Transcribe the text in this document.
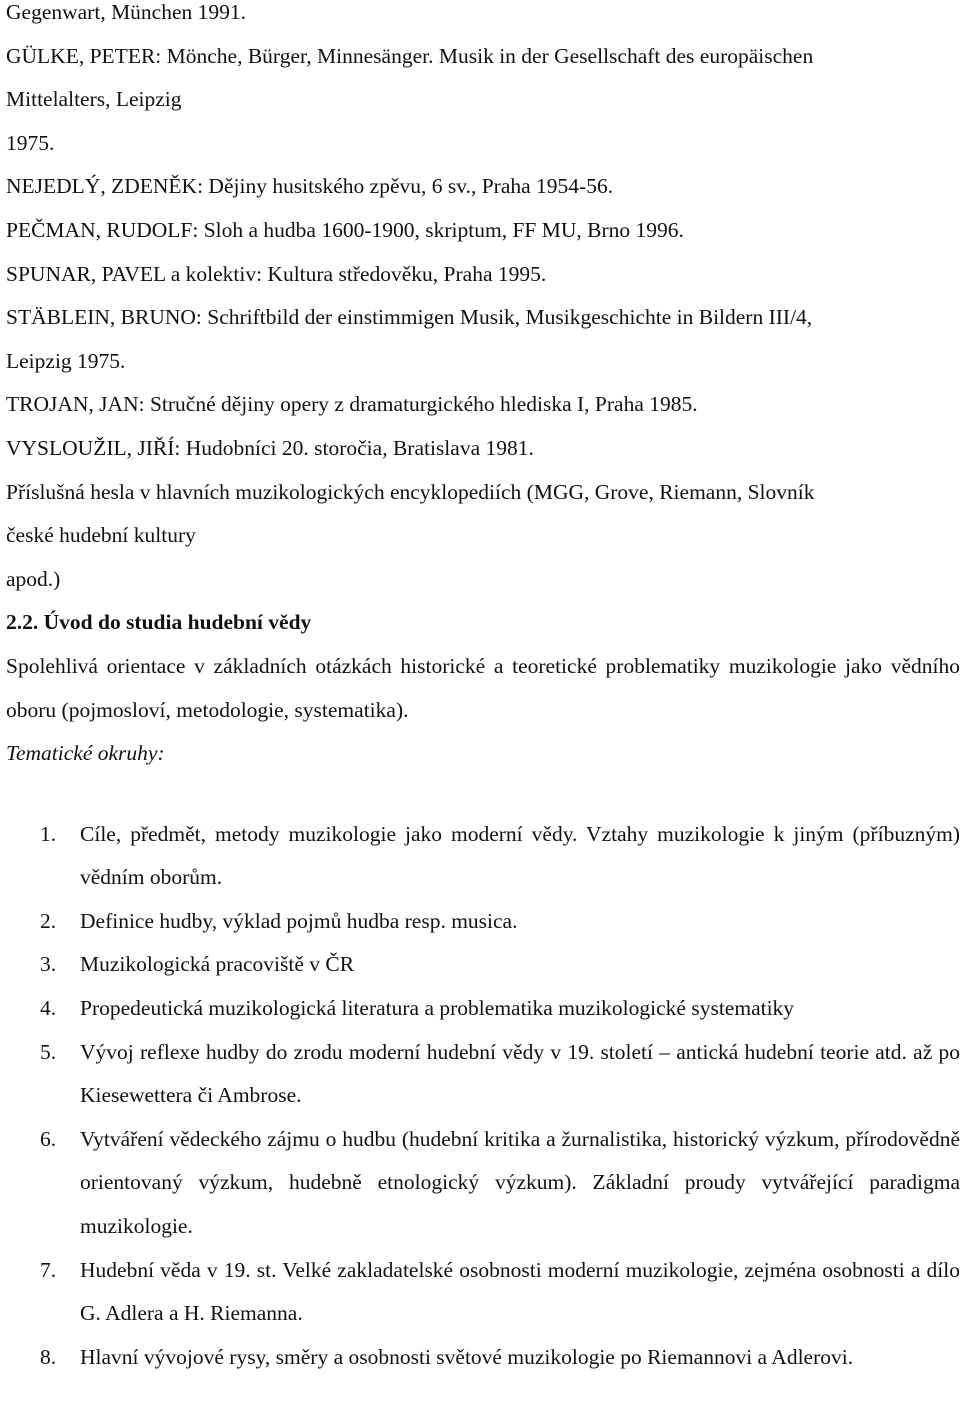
Gegenwart, München 1991.
GÜLKE, PETER: Mönche, Bürger, Minnesänger. Musik in der Gesellschaft des europäischen
Mittelalters, Leipzig
1975.
NEJEDLÝ, ZDENĚK: Dějiny husitského zpěvu, 6 sv., Praha 1954-56.
PEČMAN, RUDOLF: Sloh a hudba 1600-1900, skriptum, FF MU, Brno 1996.
SPUNAR, PAVEL a kolektiv: Kultura středověku, Praha 1995.
STÄBLEIN, BRUNO: Schriftbild der einstimmigen Musik, Musikgeschichte in Bildern III/4,
Leipzig 1975.
TROJAN, JAN: Stručné dějiny opery z dramaturgického hlediska I, Praha 1985.
VYSLOUŽIL, JIŘÍ: Hudobníci 20. storočia, Bratislava 1981.
Příslušná hesla v hlavních muzikologických encyklopediích (MGG, Grove, Riemann, Slovník
české hudební kultury
apod.)
2.2. Úvod do studia hudební vědy
Spolehlivá orientace v základních otázkách historické a teoretické problematiky muzikologie jako vědního oboru (pojmosloví, metodologie, systematika).
Tematické okruhy:
1.	Cíle, předmět, metody muzikologie jako moderní vědy. Vztahy muzikologie k jiným (příbuzným) vědním oborům.
2.	Definice hudby, výklad pojmů hudba resp. musica.
3.	Muzikologická pracoviště v ČR
4.	Propedeutická muzikologická literatura a problematika muzikologické systematiky
5.	Vývoj reflexe hudby do zrodu moderní hudební vědy v 19. století – antická hudební teorie atd. až po Kiesewettera či Ambrose.
6.	Vytváření vědeckého zájmu o hudbu (hudební kritika a žurnalistika, historický výzkum, přírodovědně orientovaný výzkum, hudebně etnologický výzkum). Základní proudy vytvářející paradigma muzikologie.
7.	Hudební věda v 19. st. Velké zakladatelské osobnosti moderní muzikologie, zejména osobnosti a dílo G. Adlera a H. Riemanna.
8.	Hlavní vývojové rysy, směry a osobnosti světové muzikologie po Riemannovi a Adlerovi.
